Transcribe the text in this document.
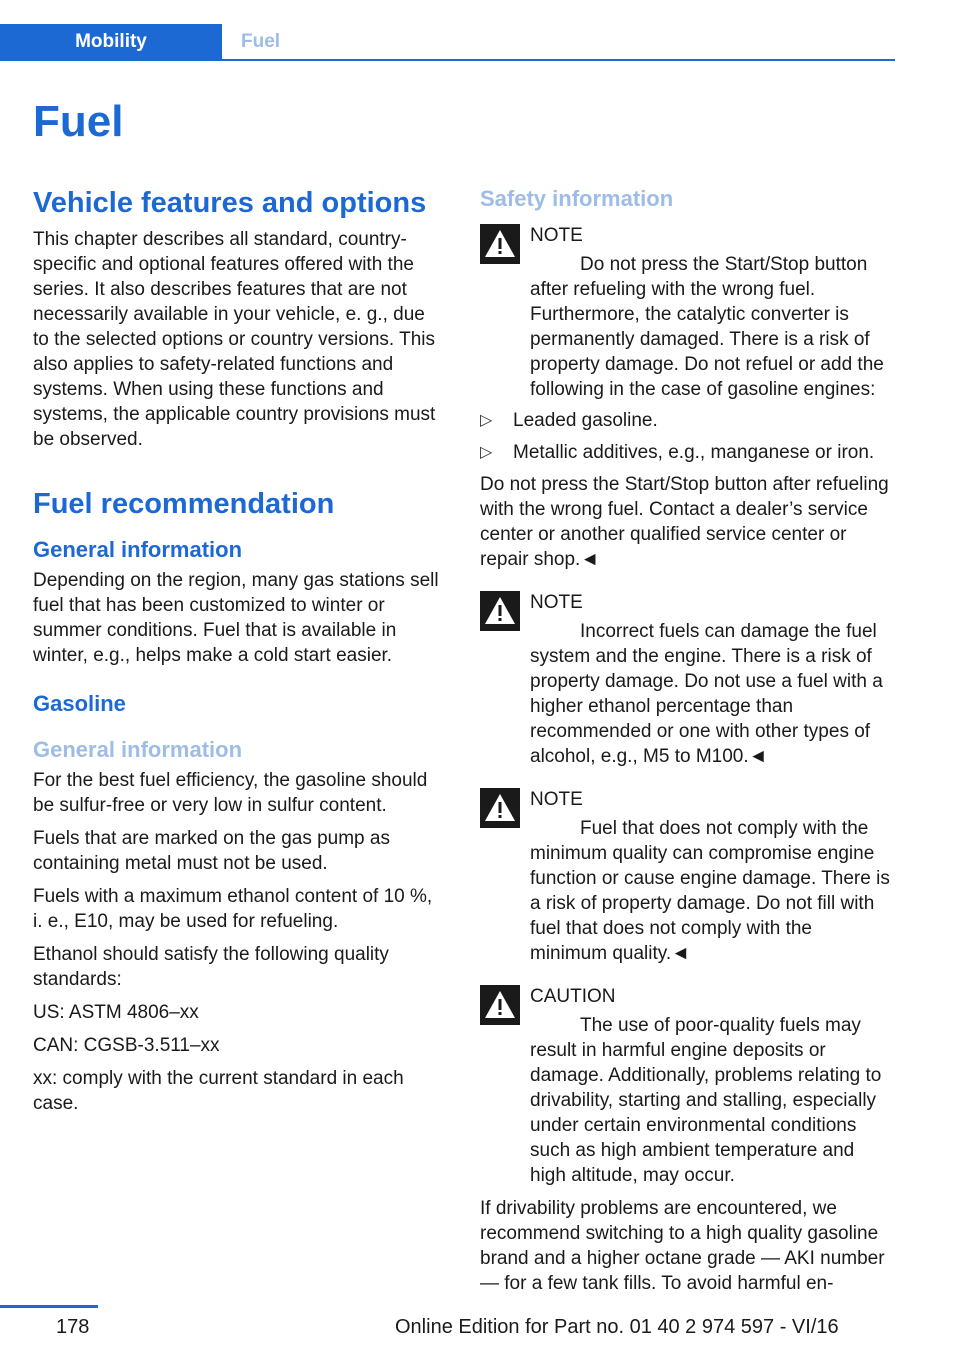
Mobility	Fuel
Fuel
Vehicle features and options

This chapter describes all standard, country-specific and optional features offered with the series. It also describes features that are not necessarily available in your vehicle, e. g., due to the selected options or country versions. This also applies to safety-related functions and systems. When using these functions and systems, the applicable country provisions must be observed.

Fuel recommendation
General information

Depending on the region, many gas stations sell fuel that has been customized to winter or summer conditions. Fuel that is available in winter, e.g., helps make a cold start easier.

Gasoline
General information

For the best fuel efficiency, the gasoline should be sulfur-free or very low in sulfur content.

Fuels that are marked on the gas pump as containing metal must not be used.

Fuels with a maximum ethanol content of 10 %, i. e., E10, may be used for refueling.

Ethanol should satisfy the following quality standards:

US: ASTM 4806–xx

CAN: CGSB-3.511–xx

xx: comply with the current standard in each case.

Safety information
NOTE

Do not press the Start/Stop button after refueling with the wrong fuel. Furthermore, the catalytic converter is permanently damaged. There is a risk of property damage. Do not refuel or add the following in the case of gasoline engines:

▷ Leaded gasoline.
▷ Metallic additives, e.g., manganese or iron.

Do not press the Start/Stop button after refueling with the wrong fuel. Contact a dealer’s service center or another qualified service center or repair shop.◄

NOTE

Incorrect fuels can damage the fuel system and the engine. There is a risk of property damage. Do not use a fuel with a higher ethanol percentage than recommended or one with other types of alcohol, e.g., M5 to M100.◄

NOTE

Fuel that does not comply with the minimum quality can compromise engine function or cause engine damage. There is a risk of property damage. Do not fill with fuel that does not comply with the minimum quality.◄

CAUTION

The use of poor-quality fuels may result in harmful engine deposits or damage. Additionally, problems relating to drivability, starting and stalling, especially under certain environmental conditions such as high ambient temperature and high altitude, may occur.

If drivability problems are encountered, we recommend switching to a high quality gasoline brand and a higher octane grade — AKI number — for a few tank fills. To avoid harmful en-

178	Online Edition for Part no. 01 40 2 974 597 - VI/16
